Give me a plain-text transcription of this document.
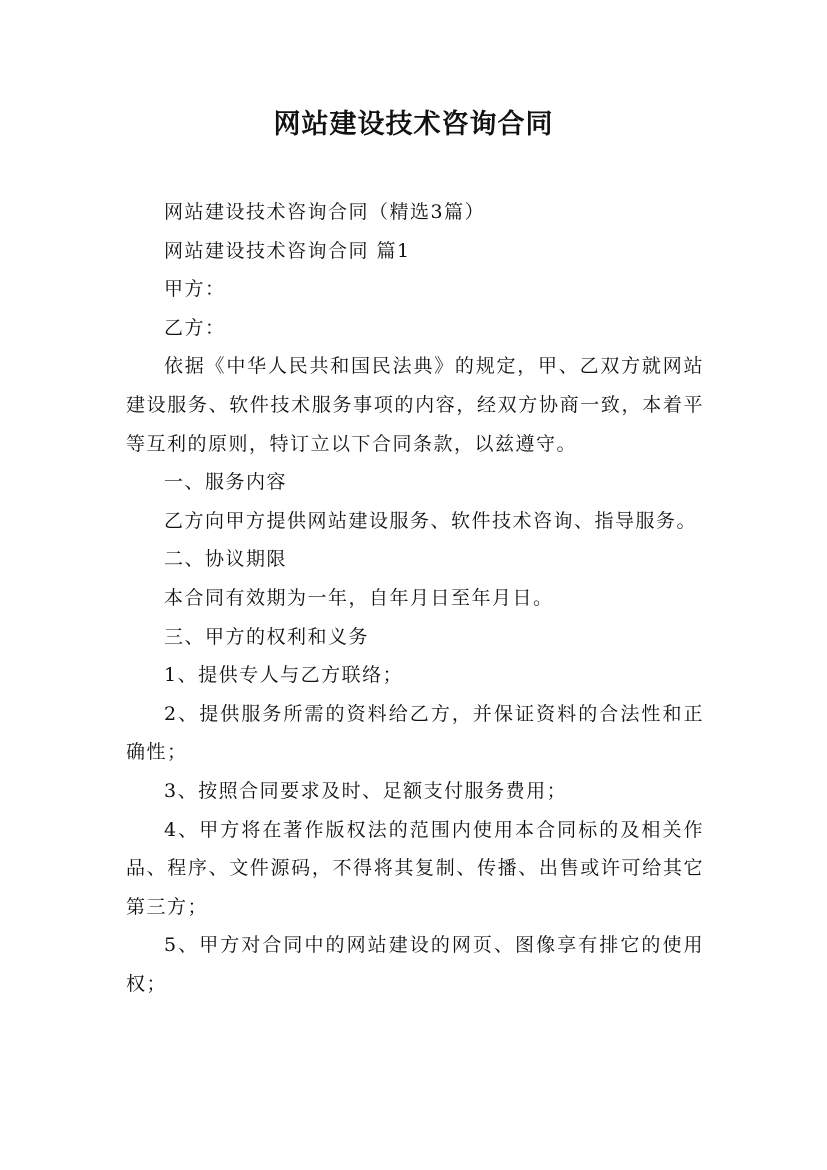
网站建设技术咨询合同

网站建设技术咨询合同（精选3篇）

网站建设技术咨询合同 篇1

甲方：

乙方：

依据《中华人民共和国民法典》的规定，甲、乙双方就网站建设服务、软件技术服务事项的内容，经双方协商一致，本着平等互利的原则，特订立以下合同条款，以兹遵守。

一、服务内容

乙方向甲方提供网站建设服务、软件技术咨询、指导服务。

二、协议期限

本合同有效期为一年，自年月日至年月日。

三、甲方的权利和义务

1、提供专人与乙方联络；

2、提供服务所需的资料给乙方，并保证资料的合法性和正确性；

3、按照合同要求及时、足额支付服务费用；

4、甲方将在著作版权法的范围内使用本合同标的及相关作品、程序、文件源码，不得将其复制、传播、出售或许可给其它第三方；

5、甲方对合同中的网站建设的网页、图像享有排它的使用权；
